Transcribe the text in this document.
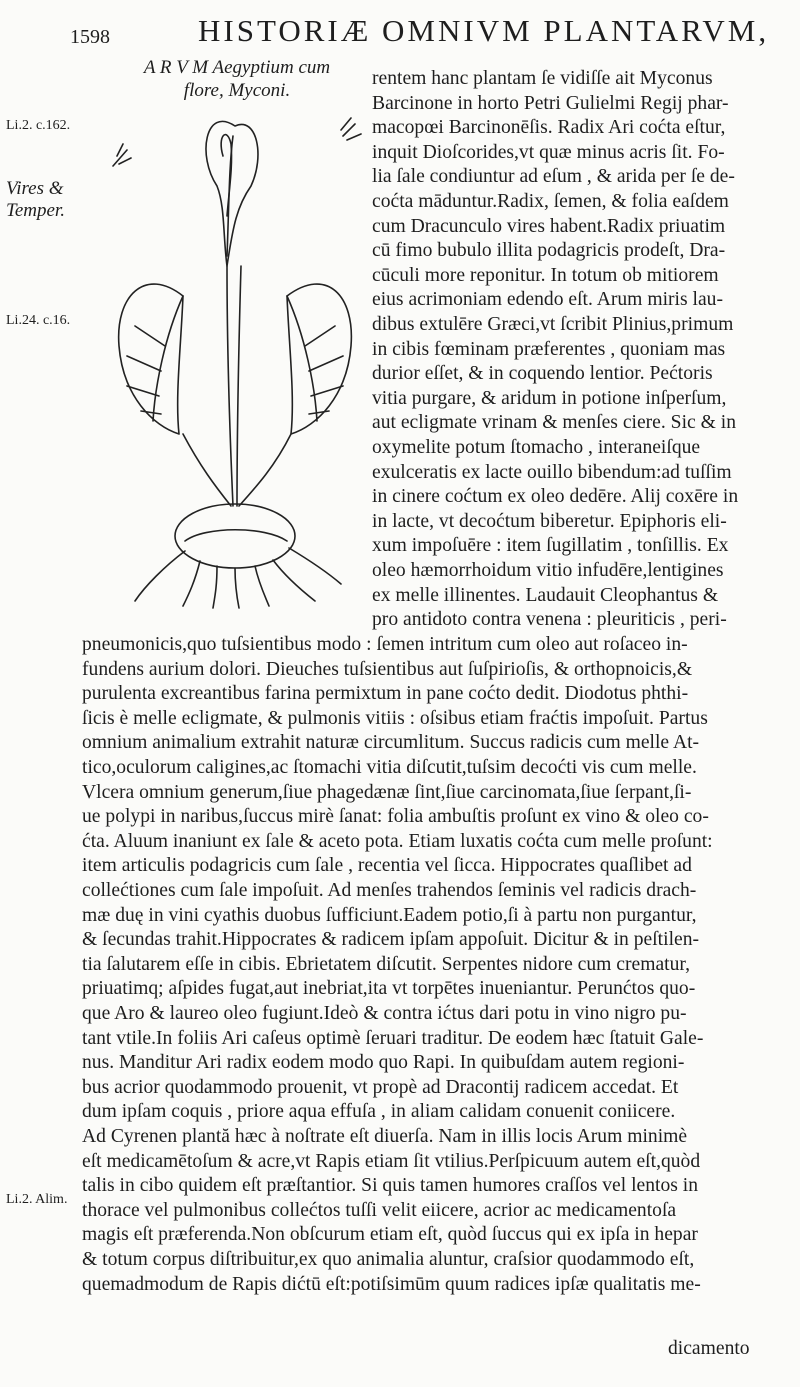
1598	HISTORIÆ OMNIVM PLANTARVM,
Li.2. c.162.
Vires &
Temper.
Li.24. c.16.
Li.2. Alim.
A R V M Aegyptium cum
flore, Myconi.
rentem hanc plantam ſe vidiſſe ait Myconus
Barcinone in horto Petri Gulielmi Regij phar-
macopœi Barcinonēſis. Radix Ari coćta eſtur,
inquit Dioſcorides,vt quæ minus acris ſit. Fo-
lia ſale condiuntur ad eſum , & arida per ſe de-
coćta māduntur.Radix, ſemen, & folia eaſdem
cum Dracunculo vires habent.Radix priuatim
cū fimo bubulo illita podagricis prodeſt, Dra-
cūculi more reponitur. In totum ob mitiorem
eius acrimoniam edendo eſt. Arum miris lau-
dibus extulēre Græci,vt ſcribit Plinius,primum
in cibis fœminam præferentes , quoniam mas
durior eſſet, & in coquendo lentior. Pećtoris
vitia purgare, & aridum in potione inſperſum,
aut ecligmate vrinam & menſes ciere. Sic & in
oxymelite potum ſtomacho , interaneiſque
exulceratis ex lacte ouillo bibendum:ad tuſſim
in cinere coćtum ex oleo dedēre. Alij coxēre in
in lacte, vt decoćtum biberetur. Epiphoris eli-
xum impoſuēre : item ſugillatim , tonſillis. Ex
oleo hæmorrhoidum vitio infudēre,lentigines
ex melle illinentes. Laudauit Cleophantus &
pro antidoto contra venena : pleuriticis , peri-
pneumonicis,quo tuſsientibus modo : ſemen intritum cum oleo aut roſaceo in-
fundens aurium dolori. Dieuches tuſsientibus aut ſuſpirioſis, & orthopnoicis,&
purulenta excreantibus farina permixtum in pane coćto dedit. Diodotus phthi-
ſicis è melle ecligmate, & pulmonis vitiis : oſsibus etiam fraćtis impoſuit. Partus
omnium animalium extrahit naturæ circumlitum. Succus radicis cum melle At-
tico,oculorum caligines,ac ſtomachi vitia diſcutit,tuſsim decoćti vis cum melle.
Vlcera omnium generum,ſiue phagedænæ ſint,ſiue carcinomata,ſiue ſerpant,ſi-
ue polypi in naribus,ſuccus mirè ſanat: folia ambuſtis proſunt ex vino & oleo co-
ćta. Aluum inaniunt ex ſale & aceto pota. Etiam luxatis coćta cum melle proſunt:
item articulis podagricis cum ſale , recentia vel ſicca. Hippocrates quaſlibet ad
collećtiones cum ſale impoſuit. Ad menſes trahendos ſeminis vel radicis drach-
mæ duę in vini cyathis duobus ſufficiunt.Eadem potio,ſi à partu non purgantur,
& ſecundas trahit.Hippocrates & radicem ipſam appoſuit. Dicitur & in peſtilen-
tia ſalutarem eſſe in cibis. Ebrietatem diſcutit. Serpentes nidore cum crematur,
priuatimq; aſpides fugat,aut inebriat,ita vt torpētes inueniantur. Perunćtos quo-
que Aro & laureo oleo fugiunt.Ideò & contra ićtus dari potu in vino nigro pu-
tant vtile.In foliis Ari caſeus optimè ſeruari traditur. De eodem hæc ſtatuit Gale-
nus. Manditur Ari radix eodem modo quo Rapi. In quibuſdam autem regioni-
bus acrior quodammodo prouenit, vt propè ad Dracontij radicem accedat. Et
dum ipſam coquis , priore aqua effuſa , in aliam calidam conuenit coniicere.
Ad Cyrenen plantă hæc à noſtrate eſt diuerſa. Nam in illis locis Arum minimè
eſt medicamētoſum & acre,vt Rapis etiam ſit vtilius.Perſpicuum autem eſt,quòd
talis in cibo quidem eſt præſtantior. Si quis tamen humores craſſos vel lentos in
thorace vel pulmonibus collećtos tuſſi velit eiicere, acrior ac medicamentoſa
magis eſt præferenda.Non obſcurum etiam eſt, quòd ſuccus qui ex ipſa in hepar
& totum corpus diſtribuitur,ex quo animalia aluntur, craſsior quodammodo eſt,
quemadmodum de Rapis dićtū eſt:potiſsimūm quum radices ipſæ qualitatis me-
dicamento
